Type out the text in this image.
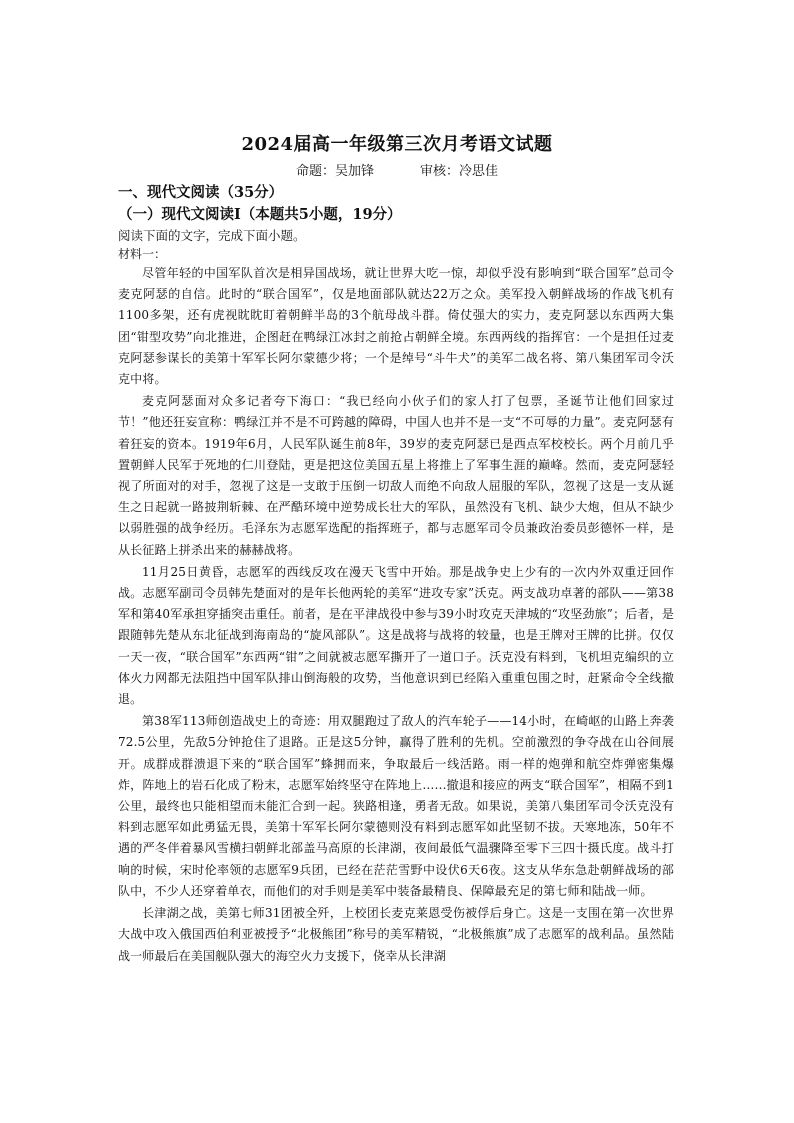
2024届高一年级第三次月考语文试题
命题：吴加锋	审核：冷思佳
一、现代文阅读（35分）
（一）现代文阅读Ⅰ（本题共5小题，19分）
阅读下面的文字，完成下面小题。
材料一：

尽管年轻的中国军队首次是相异国战场，就让世界大吃一惊，却似乎没有影响到“联合国军”总司令麦克阿瑟的自信。此时的“联合国军”，仅是地面部队就达22万之众。美军投入朝鲜战场的作战飞机有1100多架，还有虎视眈眈盯着朝鲜半岛的3个航母战斗群。倚仗强大的实力，麦克阿瑟以东西两大集团“钳型攻势”向北推进，企图赶在鸭绿江冰封之前抢占朝鲜全境。东西两线的指挥官：一个是担任过麦克阿瑟参谋长的美第十军军长阿尔蒙德少将；一个是绰号“斗牛犬”的美军二战名将、第八集团军司令沃克中将。

麦克阿瑟面对众多记者夸下海口：“我已经向小伙子们的家人打了包票，圣诞节让他们回家过节！”他还狂妄宣称：鸭绿江并不是不可跨越的障碍，中国人也并不是一支“不可辱的力量”。麦克阿瑟有着狂妄的资本。1919年6月，人民军队诞生前8年，39岁的麦克阿瑟已是西点军校校长。两个月前几乎置朝鲜人民军于死地的仁川登陆，更是把这位美国五星上将推上了军事生涯的巅峰。然而，麦克阿瑟轻视了所面对的对手，忽视了这是一支敢于压倒一切敌人而绝不向敌人屈服的军队，忽视了这是一支从诞生之日起就一路披荆斩棘、在严酷环境中逆势成长壮大的军队，虽然没有飞机、缺少大炮，但从不缺少以弱胜强的战争经历。毛泽东为志愿军选配的指挥班子，都与志愿军司令员兼政治委员彭德怀一样，是从长征路上拼杀出来的赫赫战将。

11月25日黄昏，志愿军的西线反攻在漫天飞雪中开始。那是战争史上少有的一次内外双重迂回作战。志愿军副司令员韩先楚面对的是年长他两轮的美军“进攻专家”沃克。两支战功卓著的部队——第38军和第40军承担穿插突击重任。前者，是在平津战役中参与39小时攻克天津城的“攻坚劲旅”；后者，是跟随韩先楚从东北征战到海南岛的“旋风部队”。这是战将与战将的较量，也是王牌对王牌的比拼。仅仅一天一夜，“联合国军”东西两“钳”之间就被志愿军撕开了一道口子。沃克没有料到，飞机坦克编织的立体火力网都无法阻挡中国军队排山倒海般的攻势，当他意识到已经陷入重重包围之时，赶紧命令全线撤退。

第38军113师创造战史上的奇迹：用双腿跑过了敌人的汽车轮子——14小时，在崎岖的山路上奔袭72.5公里，先敌5分钟抢住了退路。正是这5分钟，赢得了胜利的先机。空前激烈的争夺战在山谷间展开。成群成群溃退下来的“联合国军”蜂拥而来，争取最后一线活路。雨一样的炮弹和航空炸弹密集爆炸，阵地上的岩石化成了粉末，志愿军始终坚守在阵地上……撤退和接应的两支“联合国军”，相隔不到1公里，最终也只能相望而未能汇合到一起。狭路相逢，勇者无敌。如果说，美第八集团军司令沃克没有料到志愿军如此勇猛无畏，美第十军军长阿尔蒙德则没有料到志愿军如此坚韧不拔。天寒地冻，50年不遇的严冬伴着暴风雪横扫朝鲜北部盖马高原的长津湖，夜间最低气温骤降至零下三四十摄氏度。战斗打响的时候，宋时伦率领的志愿军9兵团，已经在茫茫雪野中设伏6天6夜。这支从华东急赴朝鲜战场的部队中，不少人还穿着单衣，而他们的对手则是美军中装备最精良、保障最充足的第七师和陆战一师。

长津湖之战，美第七师31团被全歼，上校团长麦克莱恩受伤被俘后身亡。这是一支围在第一次世界大战中攻入俄国西伯利亚被授予“北极熊团”称号的美军精锐，“北极熊旗”成了志愿军的战利品。虽然陆战一师最后在美国舰队强大的海空火力支援下，侥幸从长津湖
